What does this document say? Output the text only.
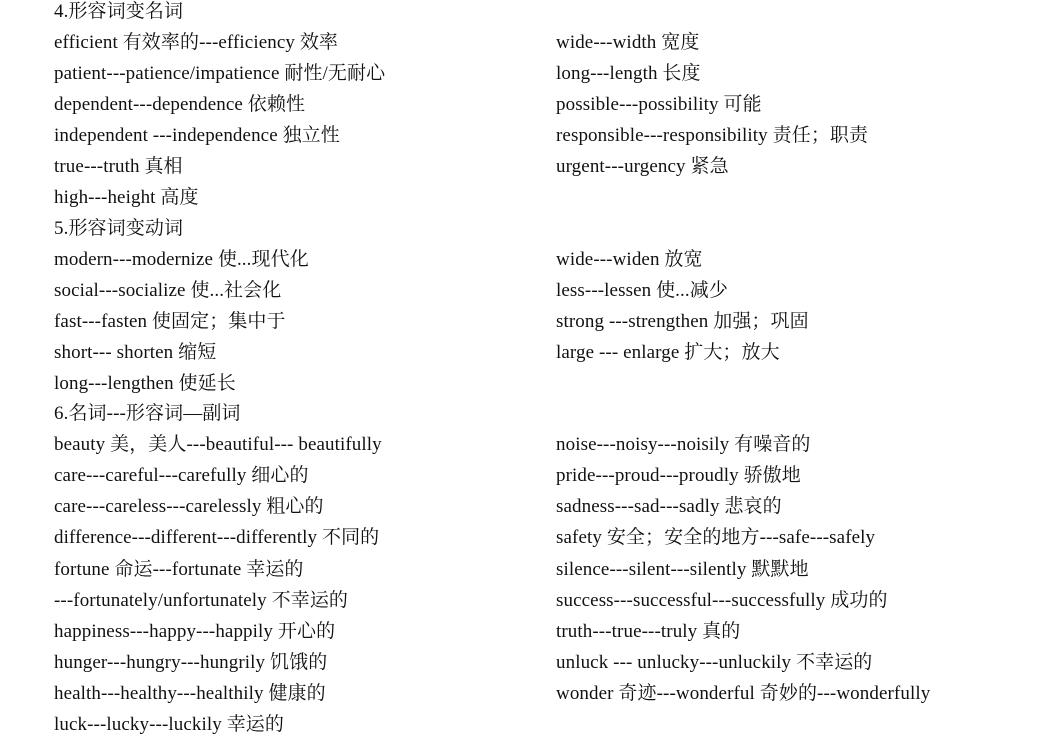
4.形容词变名词
efficient 有效率的---efficiency 效率
patient---patience/impatience 耐性/无耐心
dependent---dependence 依赖性
independent ---independence 独立性
true---truth 真相
high---height 高度
wide---width 宽度
long---length 长度
possible---possibility 可能
responsible---responsibility 责任；职责
urgent---urgency 紧急
5.形容词变动词
modern---modernize 使...现代化
social---socialize 使...社会化
fast---fasten 使固定；集中于
short--- shorten 缩短
long---lengthen 使延长
wide---widen 放宽
less---lessen 使...减少
strong ---strengthen 加强；巩固
large --- enlarge 扩大；放大
6.名词---形容词—副词
beauty 美，美人---beautiful--- beautifully
care---careful---carefully 细心的
care---careless---carelessly 粗心的
difference---different---differently 不同的
fortune 命运---fortunate 幸运的
---fortunately/unfortunately 不幸运的
happiness---happy---happily 开心的
hunger---hungry---hungrily 饥饿的
health---healthy---healthily 健康的
luck---lucky---luckily 幸运的
noise---noisy---noisily 有噪音的
pride---proud---proudly 骄傲地
sadness---sad---sadly 悲哀的
safety 安全；安全的地方---safe---safely
silence---silent---silently 默默地
success---successful---successfully 成功的
truth---true---truly 真的
unluck --- unlucky---unluckily 不幸运的
wonder 奇迹---wonderful 奇妙的---wonderfully
